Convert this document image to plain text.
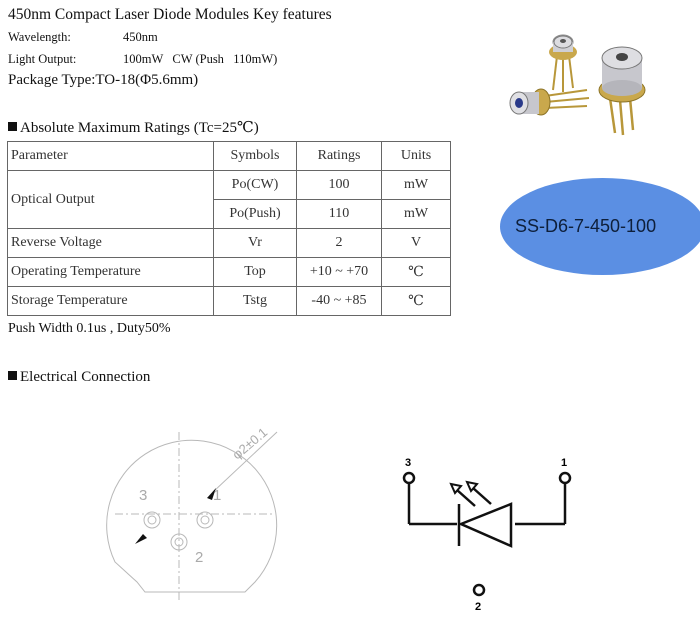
450nm Compact Laser Diode Modules Key features
Wavelength:	450nm
Light Output:	100mW   CW (Push   110mW)
Package Type:TO-18(Φ5.6mm)
Absolute Maximum Ratings (Tc=25℃)
Parameter	Symbols	Ratings	Units
Optical Output	Po(CW)	100	mW
	Po(Push)	110	mW
Reverse Voltage	Vr	2	V
Operating Temperature	Top	+10 ~ +70	℃
Storage Temperature	Tstg	-40 ~ +85	℃
Push Width 0.1us , Duty50%
SS-D6-7-450-100
Electrical Connection
3	1
2
φ2±0.1
3	1
2
